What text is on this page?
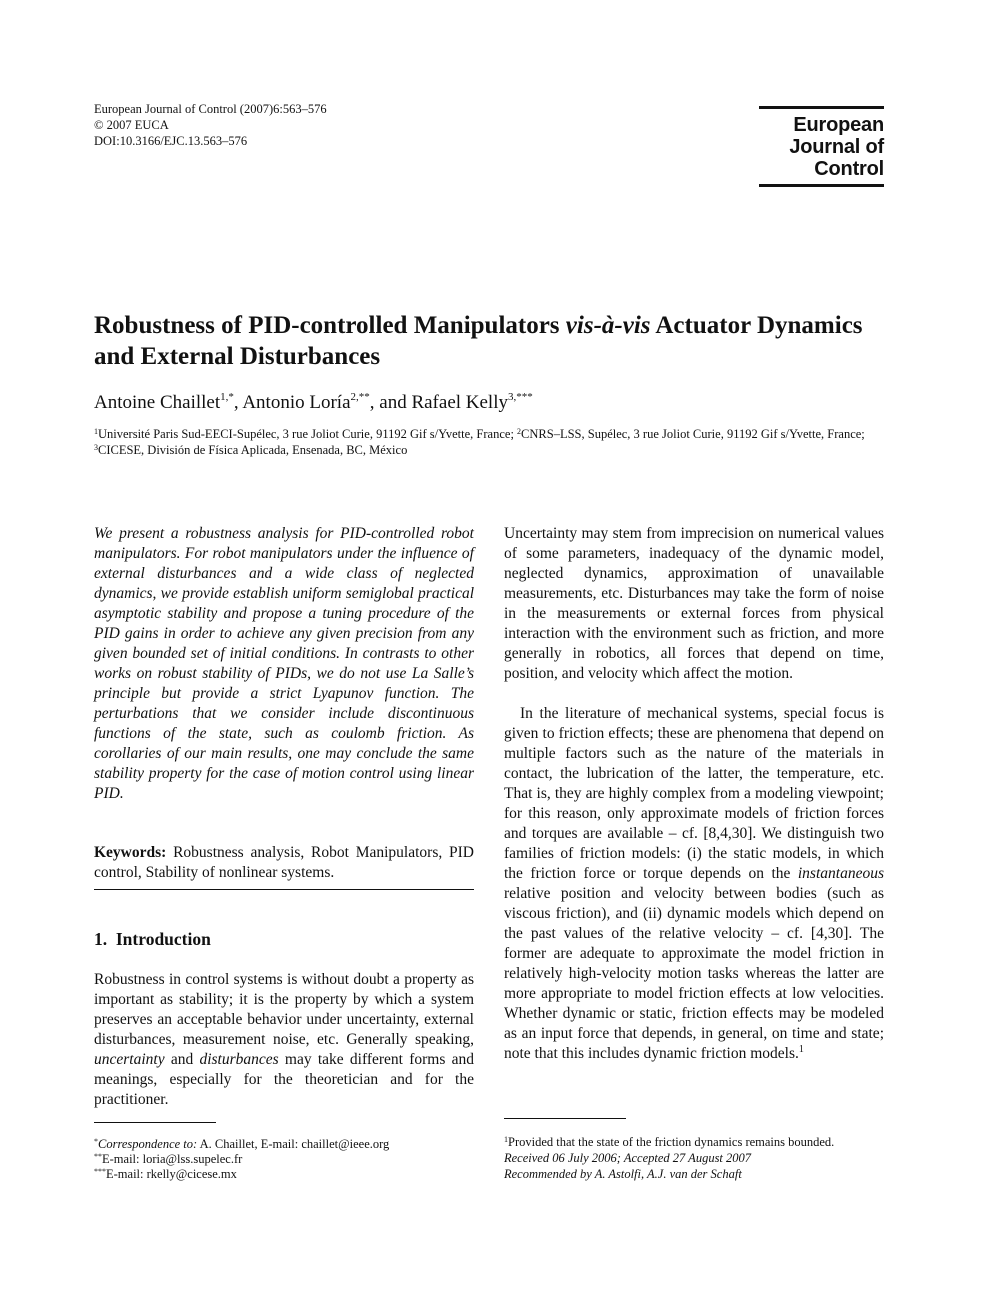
European Journal of Control (2007)6:563–576
© 2007 EUCA
DOI:10.3166/EJC.13.563–576
European
Journal of
Control
Robustness of PID-controlled Manipulators vis-à-vis Actuator Dynamics and External Disturbances
Antoine Chaillet$^{1,*}$, Antonio Loría$^{2,**}$, and Rafael Kelly$^{3,***}$
$^1$Université Paris Sud-EECI-Supélec, 3 rue Joliot Curie, 91192 Gif s/Yvette, France; $^2$CNRS–LSS, Supélec, 3 rue Joliot Curie, 91192 Gif s/Yvette, France; $^3$CICESE, División de Física Aplicada, Ensenada, BC, México
We present a robustness analysis for PID-controlled robot manipulators. For robot manipulators under the influence of external disturbances and a wide class of neglected dynamics, we provide establish uniform semiglobal practical asymptotic stability and propose a tuning procedure of the PID gains in order to achieve any given precision from any given bounded set of initial conditions. In contrasts to other works on robust stability of PIDs, we do not use La Salle’s principle but provide a strict Lyapunov function. The perturbations that we consider include discontinuous functions of the state, such as coulomb friction. As corollaries of our main results, one may conclude the same stability property for the case of motion control using linear PID.
Keywords: Robustness analysis, Robot Manipulators, PID control, Stability of nonlinear systems.
1. Introduction
Robustness in control systems is without doubt a property as important as stability; it is the property by which a system preserves an acceptable behavior under uncertainty, external disturbances, measurement noise, etc. Generally speaking, uncertainty and disturbances may take different forms and meanings, especially for the theoretician and for the practitioner.
*Correspondence to: A. Chaillet, E-mail: chaillet@ieee.org
**E-mail: loria@lss.supelec.fr
***E-mail: rkelly@cicese.mx
Uncertainty may stem from imprecision on numerical values of some parameters, inadequacy of the dynamic model, neglected dynamics, approximation of unavailable measurements, etc. Disturbances may take the form of noise in the measurements or external forces from physical interaction with the environment such as friction, and more generally in robotics, all forces that depend on time, position, and velocity which affect the motion.
In the literature of mechanical systems, special focus is given to friction effects; these are phenomena that depend on multiple factors such as the nature of the materials in contact, the lubrication of the latter, the temperature, etc. That is, they are highly complex from a modeling viewpoint; for this reason, only approximate models of friction forces and torques are available – cf. [8,4,30]. We distinguish two families of friction models: (i) the static models, in which the friction force or torque depends on the instantaneous relative position and velocity between bodies (such as viscous friction), and (ii) dynamic models which depend on the past values of the relative velocity – cf. [4,30]. The former are adequate to approximate the model friction in relatively high-velocity motion tasks whereas the latter are more appropriate to model friction effects at low velocities. Whether dynamic or static, friction effects may be modeled as an input force that depends, in general, on time and state; note that this includes dynamic friction models.$^1$
$^1$Provided that the state of the friction dynamics remains bounded.
Received 06 July 2006; Accepted 27 August 2007
Recommended by A. Astolfi, A.J. van der Schaft
